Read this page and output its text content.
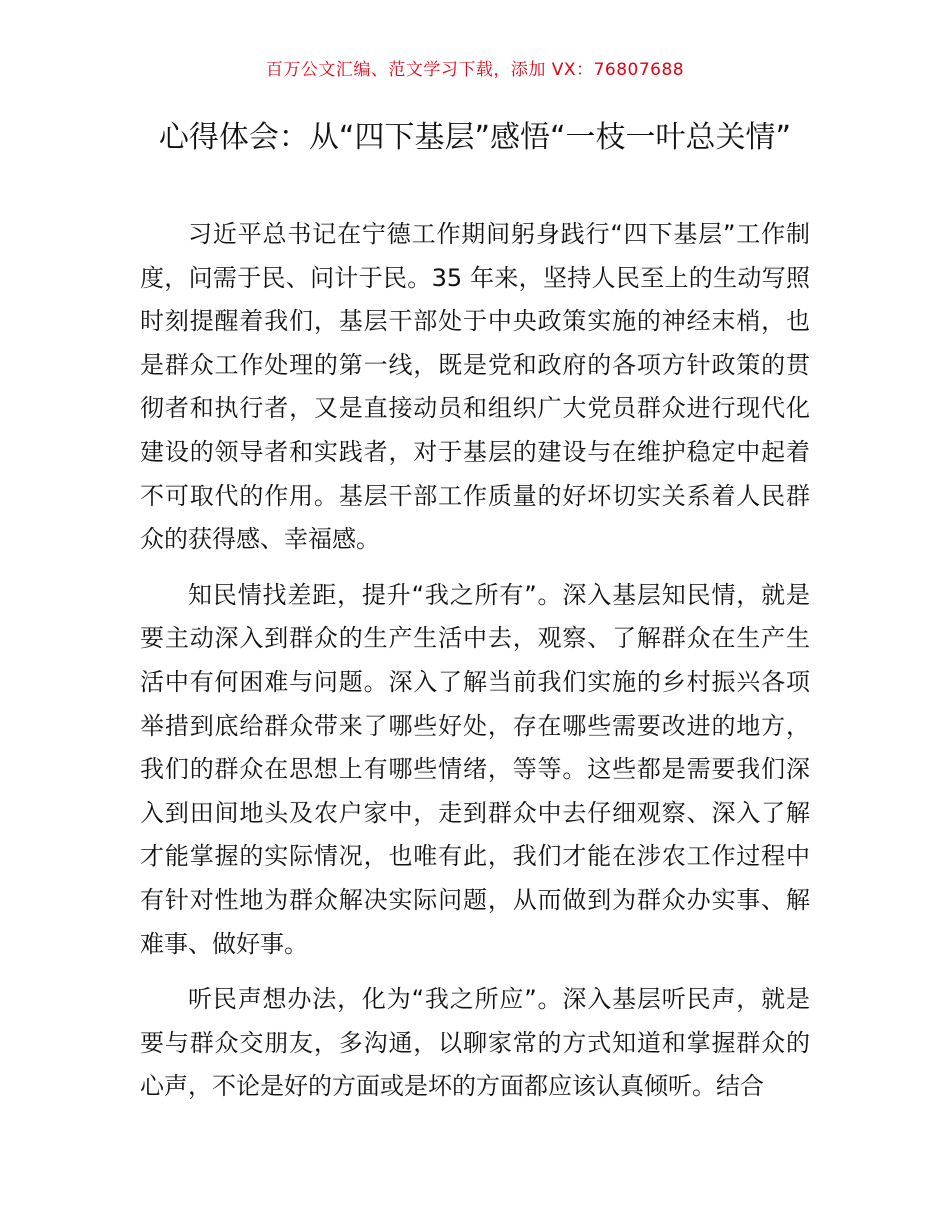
百万公文汇编、范文学习下载，添加 VX：76807688
心得体会：从“四下基层”感悟“一枝一叶总关情”

习近平总书记在宁德工作期间躬身践行“四下基层”工作制度，问需于民、问计于民。35 年来，坚持人民至上的生动写照时刻提醒着我们，基层干部处于中央政策实施的神经末梢，也是群众工作处理的第一线，既是党和政府的各项方针政策的贯彻者和执行者，又是直接动员和组织广大党员群众进行现代化建设的领导者和实践者，对于基层的建设与在维护稳定中起着不可取代的作用。基层干部工作质量的好坏切实关系着人民群众的获得感、幸福感。

知民情找差距，提升“我之所有”。深入基层知民情，就是要主动深入到群众的生产生活中去，观察、了解群众在生产生活中有何困难与问题。深入了解当前我们实施的乡村振兴各项举措到底给群众带来了哪些好处，存在哪些需要改进的地方，我们的群众在思想上有哪些情绪，等等。这些都是需要我们深入到田间地头及农户家中，走到群众中去仔细观察、深入了解才能掌握的实际情况，也唯有此，我们才能在涉农工作过程中有针对性地为群众解决实际问题，从而做到为群众办实事、解难事、做好事。

听民声想办法，化为“我之所应”。深入基层听民声，就是要与群众交朋友，多沟通，以聊家常的方式知道和掌握群众的心声，不论是好的方面或是坏的方面都应该认真倾听。结合
